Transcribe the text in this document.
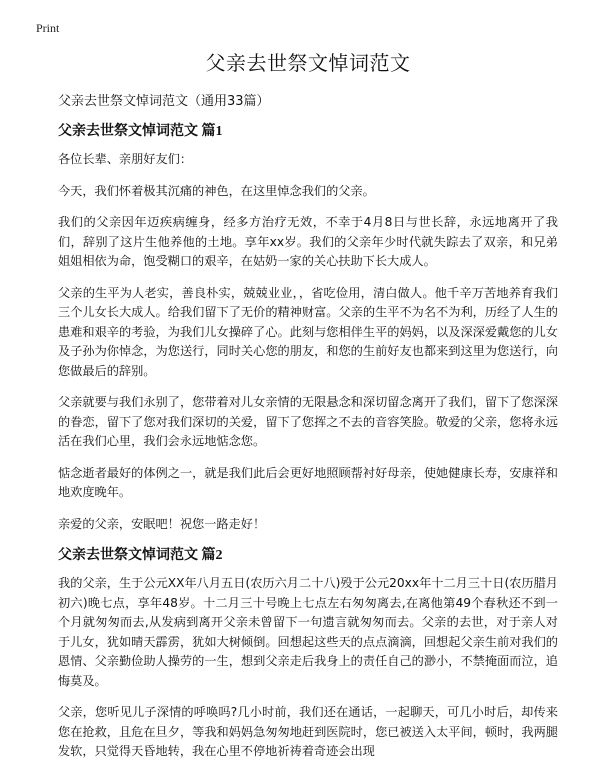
Print
父亲去世祭文悼词范文
父亲去世祭文悼词范文（通用33篇）
父亲去世祭文悼词范文 篇1

各位长辈、亲朋好友们：

今天，我们怀着极其沉痛的神色，在这里悼念我们的父亲。

我们的父亲因年迈疾病缠身，经多方治疗无效，不幸于4月8日与世长辞，永远地离开了我们，辞别了这片生他养他的土地。享年xx岁。我们的父亲年少时代就失踪去了双亲，和兄弟姐姐相依为命，饱受糊口的艰辛，在姑奶一家的关心扶助下长大成人。

父亲的生平为人老实，善良朴实，兢兢业业，，省吃俭用，清白做人。他千辛万苦地养育我们三个儿女长大成人。给我们留下了无价的精神财富。父亲的生平不为名不为利，历经了人生的患难和艰辛的考验，为我们儿女操碎了心。此刻与您相伴生平的妈妈，以及深深爱戴您的儿女及子孙为你悼念，为您送行，同时关心您的朋友，和您的生前好友也都来到这里为您送行，向您做最后的辞别。

父亲就要与我们永别了，您带着对儿女亲情的无限悬念和深切留念离开了我们，留下了您深深的眷恋，留下了您对我们深切的关爱，留下了您挥之不去的音容笑脸。敬爱的父亲，您将永远活在我们心里，我们会永远地惦念您。

惦念逝者最好的体例之一，就是我们此后会更好地照顾帮衬好母亲，使她健康长寿，安康祥和地欢度晚年。

亲爱的父亲，安眠吧！祝您一路走好！

父亲去世祭文悼词范文 篇2

我的父亲，生于公元XX年八月五日(农历六月二十八)殁于公元20xx年十二月三十日(农历腊月初六)晚七点，享年48岁。十二月三十号晚上七点左右匆匆离去,在离他第49个春秋还不到一个月就匆匆而去,从发病到离开父亲未曾留下一句遗言就匆匆而去。父亲的去世，对于亲人对于儿女，犹如晴天霹雳，犹如大树倾倒。回想起这些天的点点滴滴，回想起父亲生前对我们的恩情、父亲勤俭助人操劳的一生，想到父亲走后我身上的责任自己的渺小，不禁掩面而泣，追悔莫及。

父亲，您听见儿子深情的呼唤吗?几小时前，我们还在通话，一起聊天，可几小时后，却传来您在抢救，且危在旦夕，等我和妈妈急匆匆地赶到医院时，您已被送入太平间，顿时，我两腿发软，只觉得天昏地转，我在心里不停地祈祷着奇迹会出现
